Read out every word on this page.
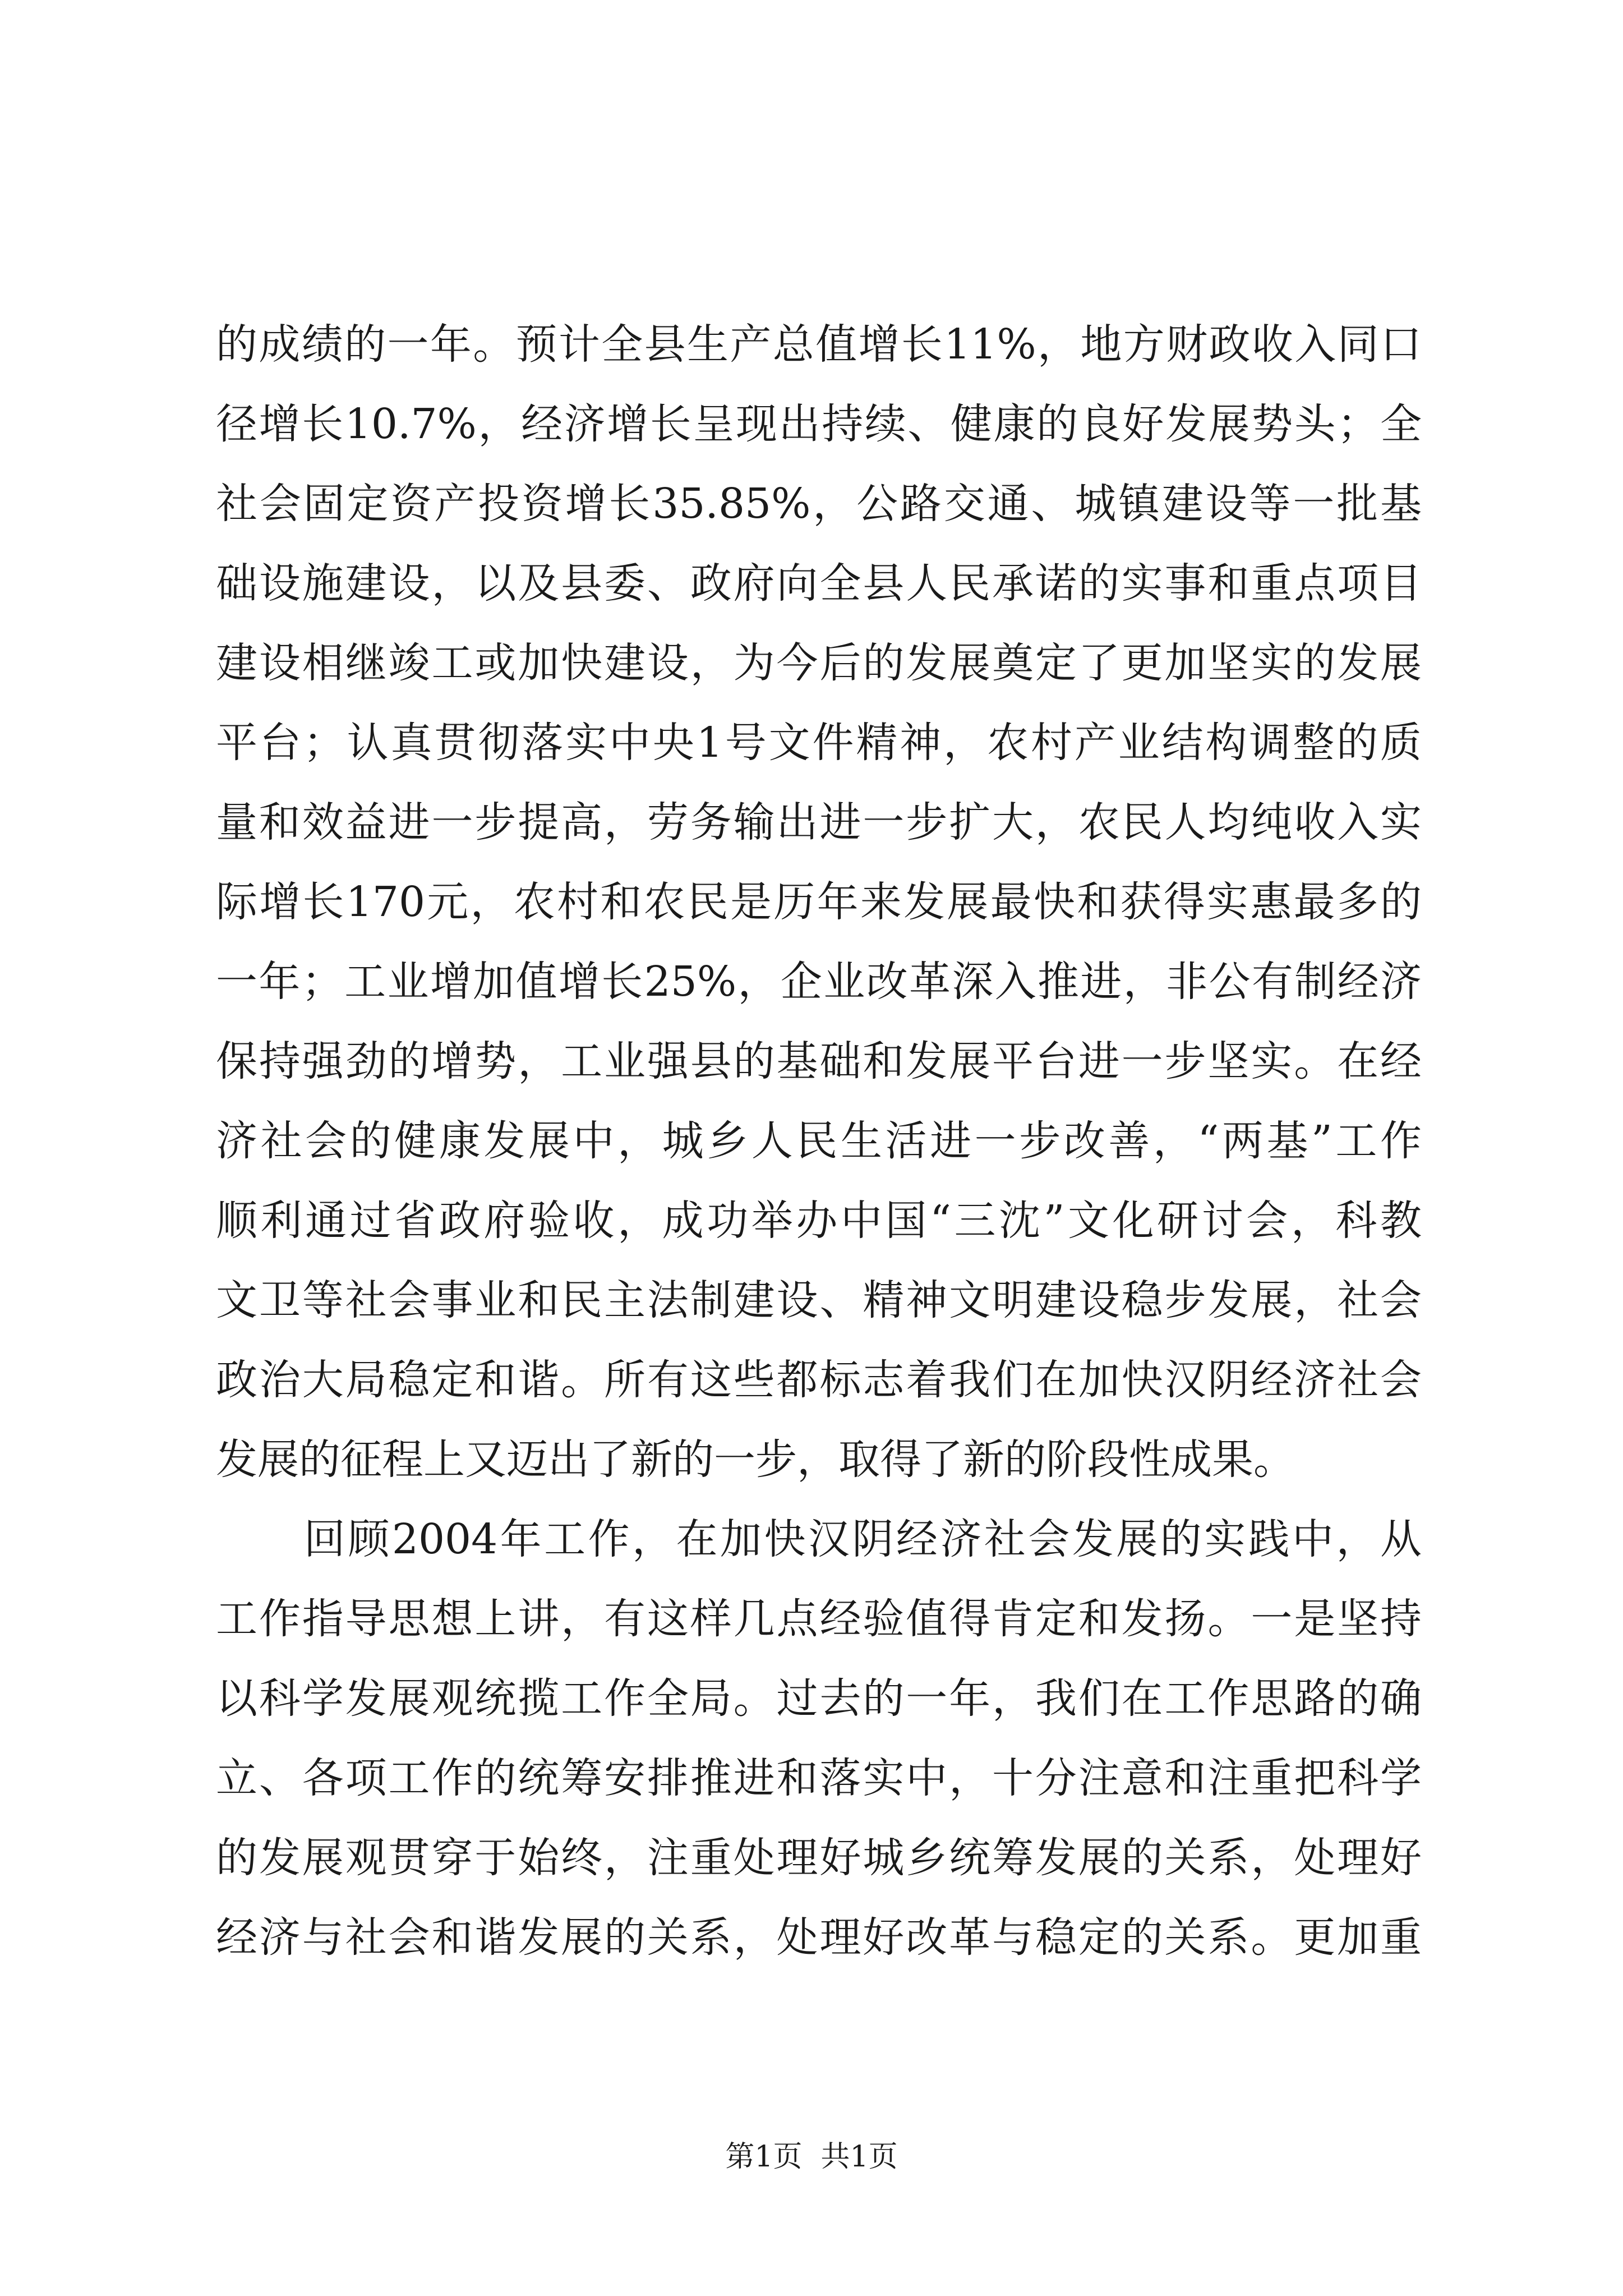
的成绩的一年。预计全县生产总值增长11%，地方财政收入同口
径增长10.7%，经济增长呈现出持续、健康的良好发展势头；全
社会固定资产投资增长35.85%，公路交通、城镇建设等一批基
础设施建设，以及县委、政府向全县人民承诺的实事和重点项目
建设相继竣工或加快建设，为今后的发展奠定了更加坚实的发展
平台；认真贯彻落实中央1号文件精神，农村产业结构调整的质
量和效益进一步提高，劳务输出进一步扩大，农民人均纯收入实
际增长170元，农村和农民是历年来发展最快和获得实惠最多的
一年；工业增加值增长25%，企业改革深入推进，非公有制经济
保持强劲的增势，工业强县的基础和发展平台进一步坚实。在经
济社会的健康发展中，城乡人民生活进一步改善，“两基”工作
顺利通过省政府验收，成功举办中国“三沈”文化研讨会，科教
文卫等社会事业和民主法制建设、精神文明建设稳步发展，社会
政治大局稳定和谐。所有这些都标志着我们在加快汉阴经济社会
发展的征程上又迈出了新的一步，取得了新的阶段性成果。
　　回顾2004年工作，在加快汉阴经济社会发展的实践中，从
工作指导思想上讲，有这样几点经验值得肯定和发扬。一是坚持
以科学发展观统揽工作全局。过去的一年，我们在工作思路的确
立、各项工作的统筹安排推进和落实中，十分注意和注重把科学
的发展观贯穿于始终，注重处理好城乡统筹发展的关系，处理好
经济与社会和谐发展的关系，处理好改革与稳定的关系。更加重
第1页  共1页
